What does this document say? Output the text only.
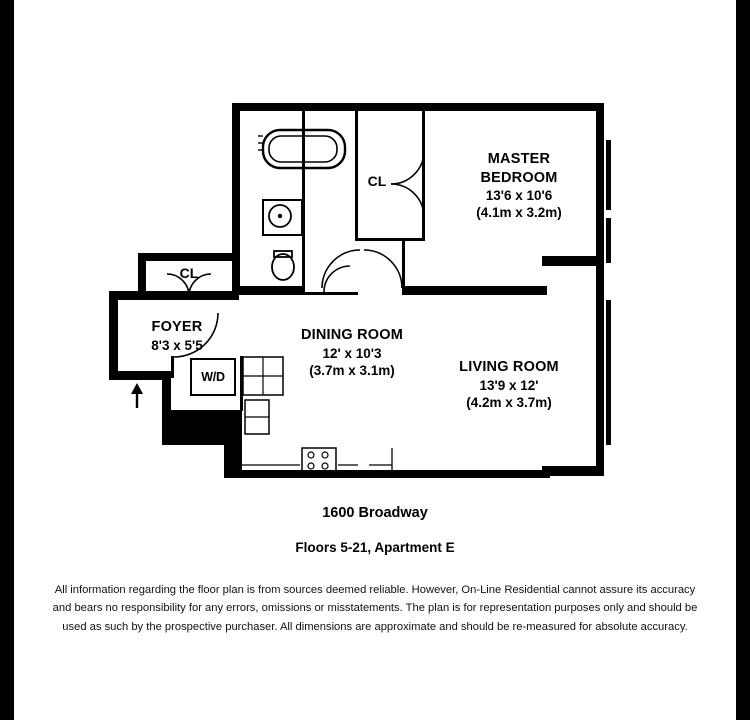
W/D
MASTER
BEDROOM
13'6 x 10'6
(4.1m x 3.2m)
LIVING ROOM
13'9 x 12'
(4.2m x 3.7m)
DINING ROOM
12' x 10'3
(3.7m x 3.1m)
FOYER
8'3 x 5'5
CL
CL
1600 Broadway
Floors 5-21, Apartment E
All information regarding the floor plan is from sources deemed reliable. However, On-Line Residential cannot assure its accuracy
and bears no responsibility for any errors, omissions or misstatements. The plan is for representation purposes only and should be
used as such by the prospective purchaser. All dimensions are approximate and should be re-measured for absolute accuracy.
